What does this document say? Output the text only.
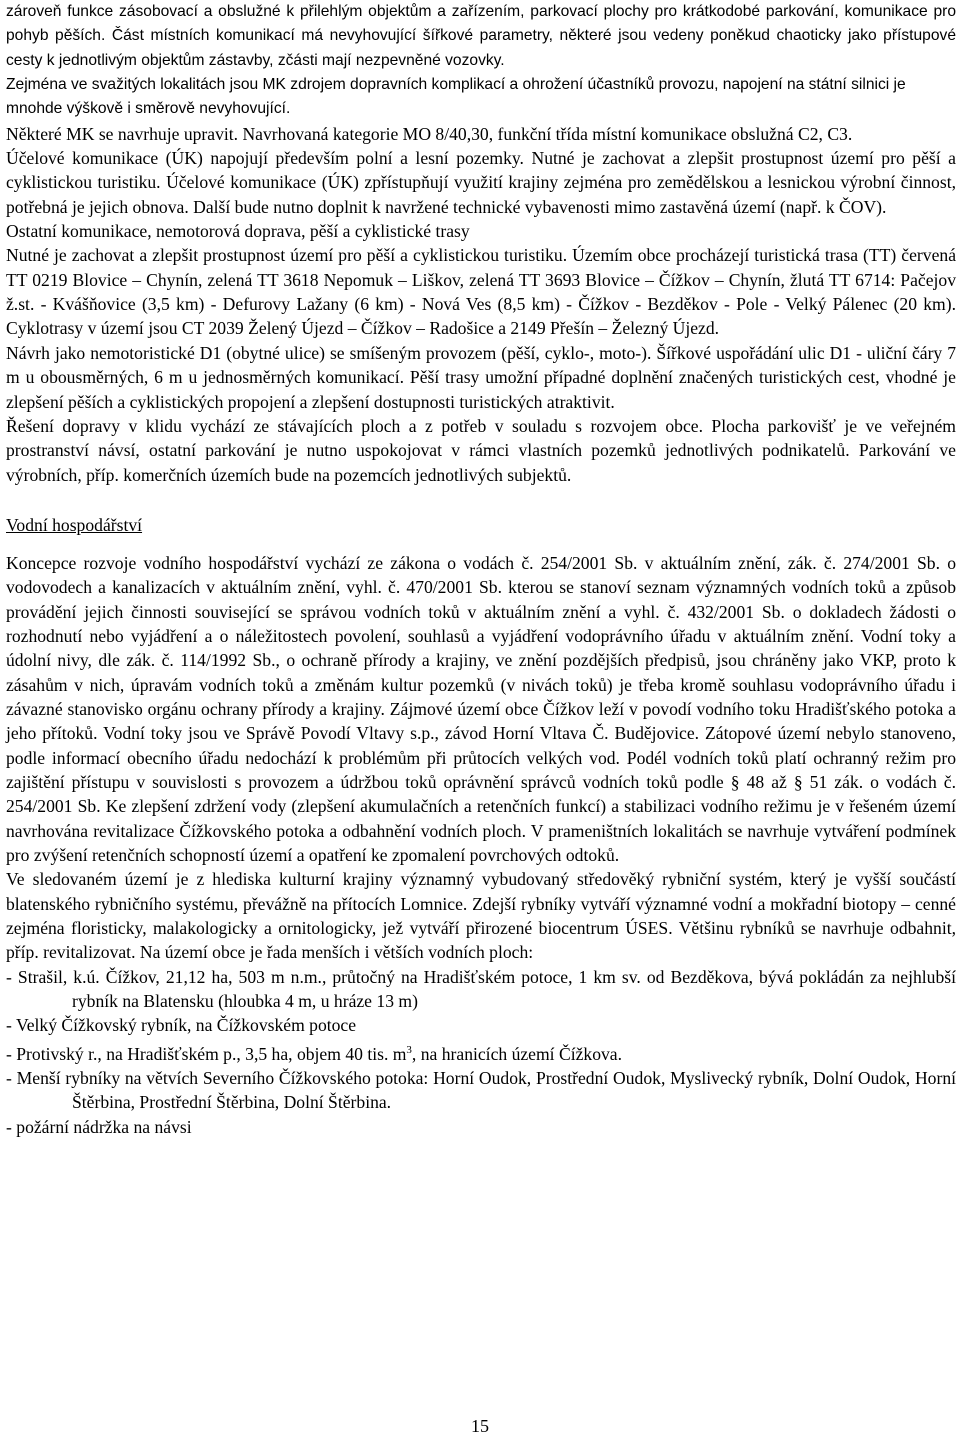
zároveň funkce zásobovací a obslužné k přilehlým objektům a zařízením, parkovací plochy pro krátkodobé parkování, komunikace pro pohyb pěších. Část místních komunikací má nevyhovující šířkové parametry, některé jsou vedeny poněkud chaoticky jako přístupové cesty k jednotlivým objektům zástavby, zčásti mají nezpevněné vozovky.

Zejména ve svažitých lokalitách jsou MK zdrojem dopravních komplikací a ohrožení účastníků provozu, napojení na státní silnici je mnohde výškově i směrově nevyhovující.

Některé MK se navrhuje upravit. Navrhovaná kategorie MO 8/40,30, funkční třída místní komunikace obslužná C2, C3.

Účelové komunikace (ÚK) napojují především polní a lesní pozemky. Nutné je zachovat a zlepšit prostupnost území pro pěší a cyklistickou turistiku. Účelové komunikace (ÚK) zpřístupňují využití krajiny zejména pro zemědělskou a lesnickou výrobní činnost, potřebná je jejich obnova. Další bude nutno doplnit k navržené technické vybavenosti mimo zastavěná území (např. k ČOV).

Ostatní komunikace, nemotorová doprava, pěší a cyklistické trasy

Nutné je zachovat a zlepšit prostupnost území pro pěší a cyklistickou turistiku. Územím obce procházejí turistická trasa (TT) červená TT 0219 Blovice – Chynín, zelená TT 3618 Nepomuk – Liškov, zelená TT 3693 Blovice – Čížkov – Chynín, žlutá TT 6714: Pačejov ž.st. - Kvášňovice (3,5 km) - Defurovy Lažany (6 km) - Nová Ves (8,5 km) - Čížkov - Bezděkov - Pole - Velký Pálenec (20 km). Cyklotrasy v území jsou CT 2039 Želený Újezd – Čížkov – Radošice a 2149 Přešín – Železný Újezd.

Návrh jako nemotoristické D1 (obytné ulice) se smíšeným provozem (pěší, cyklo-, moto-). Šířkové uspořádání ulic D1 - uliční čáry 7 m u obousměrných, 6 m u jednosměrných komunikací. Pěší trasy umožní případné doplnění značených turistických cest, vhodné je zlepšení pěších a cyklistických propojení a zlepšení dostupnosti turistických atraktivit.

Řešení dopravy v klidu vychází ze stávajících ploch a z potřeb v souladu s rozvojem obce. Plocha parkovišť je ve veřejném prostranství návsí, ostatní parkování je nutno uspokojovat v rámci vlastních pozemků jednotlivých podnikatelů. Parkování ve výrobních, příp. komerčních územích bude na pozemcích jednotlivých subjektů.

Vodní hospodářství

Koncepce rozvoje vodního hospodářství vychází ze zákona o vodách č. 254/2001 Sb. v aktuálním znění, zák. č. 274/2001 Sb. o vodovodech a kanalizacích v aktuálním znění, vyhl. č. 470/2001 Sb. kterou se stanoví seznam významných vodních toků a způsob provádění jejich činnosti související se správou vodních toků v aktuálním znění a vyhl. č. 432/2001 Sb. o dokladech žádosti o rozhodnutí nebo vyjádření a o náležitostech povolení, souhlasů a vyjádření vodoprávního úřadu v aktuálním znění. Vodní toky a údolní nivy, dle zák. č. 114/1992 Sb., o ochraně přírody a krajiny, ve znění pozdějších předpisů, jsou chráněny jako VKP, proto k zásahům v nich, úpravám vodních toků a změnám kultur pozemků (v nivách toků) je třeba kromě souhlasu vodoprávního úřadu i závazné stanovisko orgánu ochrany přírody a krajiny. Zájmové území obce Čížkov leží v povodí vodního toku Hradišťského potoka a jeho přítoků. Vodní toky jsou ve Správě Povodí Vltavy s.p., závod Horní Vltava Č. Budějovice. Zátopové území nebylo stanoveno, podle informací obecního úřadu nedochází k problémům při průtocích velkých vod. Podél vodních toků platí ochranný režim pro zajištění přístupu v souvislosti s provozem a údržbou toků oprávnění správců vodních toků podle § 48 až § 51 zák. o vodách č. 254/2001 Sb. Ke zlepšení zdržení vody (zlepšení akumulačních a retenčních funkcí) a stabilizaci vodního režimu je v řešeném území navrhována revitalizace Čížkovského potoka a odbahnění vodních ploch. V prameništních lokalitách se navrhuje vytváření podmínek pro zvýšení retenčních schopností území a opatření ke zpomalení povrchových odtoků.

Ve sledovaném území je z hlediska kulturní krajiny významný vybudovaný středověký rybniční systém, který je vyšší součástí blatenského rybničního systému, převážně na přítocích Lomnice. Zdejší rybníky vytváří významné vodní a mokřadní biotopy – cenné zejména floristicky, malakologicky a ornitologicky, jež vytváří přirozené biocentrum ÚSES. Většinu rybníků se navrhuje odbahnit, příp. revitalizovat. Na území obce je řada menších i větších vodních ploch:

- Strašil, k.ú. Čížkov, 21,12 ha, 503 m n.m., průtočný na Hradišťském potoce, 1 km sv. od Bezděkova, bývá pokládán za nejhlubší rybník na Blatensku (hloubka 4 m, u hráze 13 m)
- Velký Čížkovský rybník, na Čížkovském potoce
- Protivský r., na Hradišťském p., 3,5 ha, objem 40 tis. $m^3$, na hranicích území Čížkova.
- Menší rybníky na větvích Severního Čížkovského potoka: Horní Oudok, Prostřední Oudok, Myslivecký rybník, Dolní Oudok, Horní Štěrbina, Prostřední Štěrbina, Dolní Štěrbina.
- požární nádržka na návsi
15
